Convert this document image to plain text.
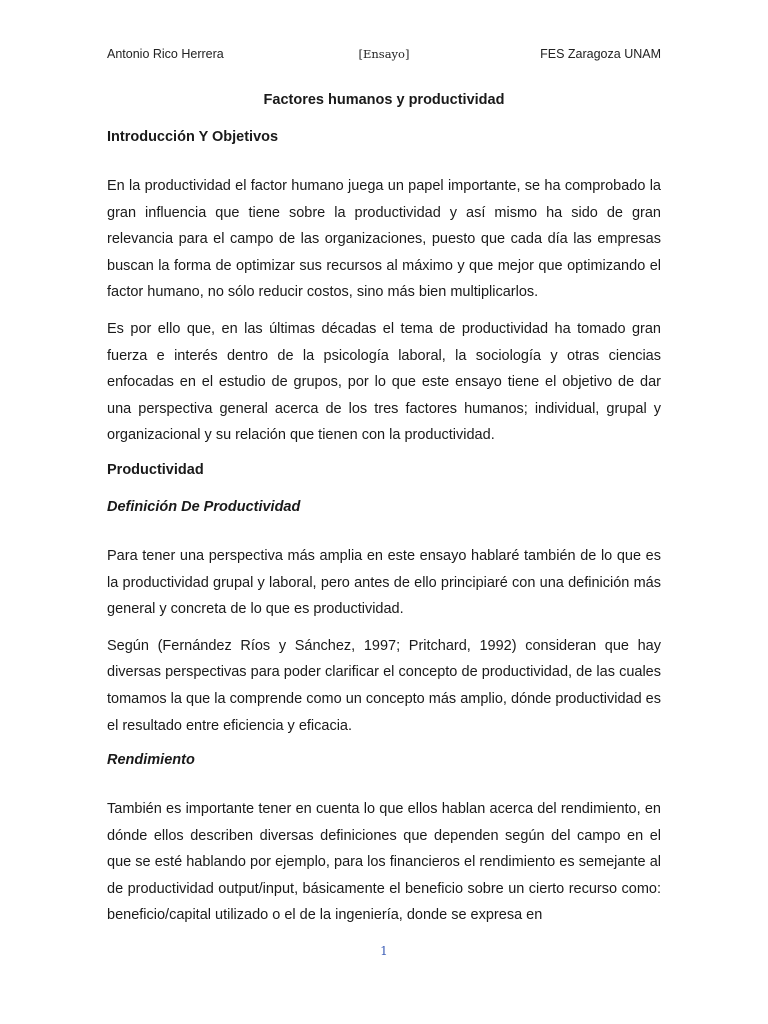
Antonio Rico Herrera	[Ensayo]	FES Zaragoza UNAM
Factores humanos y productividad
Introducción Y Objetivos

En la productividad el factor humano juega un papel importante, se ha comprobado la gran influencia que tiene sobre la productividad y así mismo ha sido de gran relevancia para el campo de las organizaciones, puesto que cada día las empresas buscan la forma de optimizar sus recursos al máximo y que mejor que optimizando el factor humano, no sólo reducir costos, sino más bien multiplicarlos.

Es por ello que, en las últimas décadas el tema de productividad ha tomado gran fuerza e interés dentro de la psicología laboral, la sociología y otras ciencias enfocadas en el estudio de grupos, por lo que este ensayo tiene el objetivo de dar una perspectiva general acerca de los tres factores humanos; individual, grupal y organizacional y su relación que tienen con la productividad.

Productividad
Definición De Productividad

Para tener una perspectiva más amplia en este ensayo hablaré también de lo que es la productividad grupal y laboral, pero antes de ello principiaré con una definición más general y concreta de lo que es productividad.

Según (Fernández Ríos y Sánchez, 1997; Pritchard, 1992) consideran que hay diversas perspectivas para poder clarificar el concepto de productividad, de las cuales tomamos la que la comprende como un concepto más amplio, dónde productividad es el resultado entre eficiencia y eficacia.

Rendimiento

También es importante tener en cuenta lo que ellos hablan acerca del rendimiento, en dónde ellos describen diversas definiciones que dependen según del campo en el que se esté hablando por ejemplo, para los financieros el rendimiento es semejante al de productividad output/input, básicamente el beneficio sobre un cierto recurso como: beneficio/capital utilizado o el de la ingeniería, donde se expresa en

1
